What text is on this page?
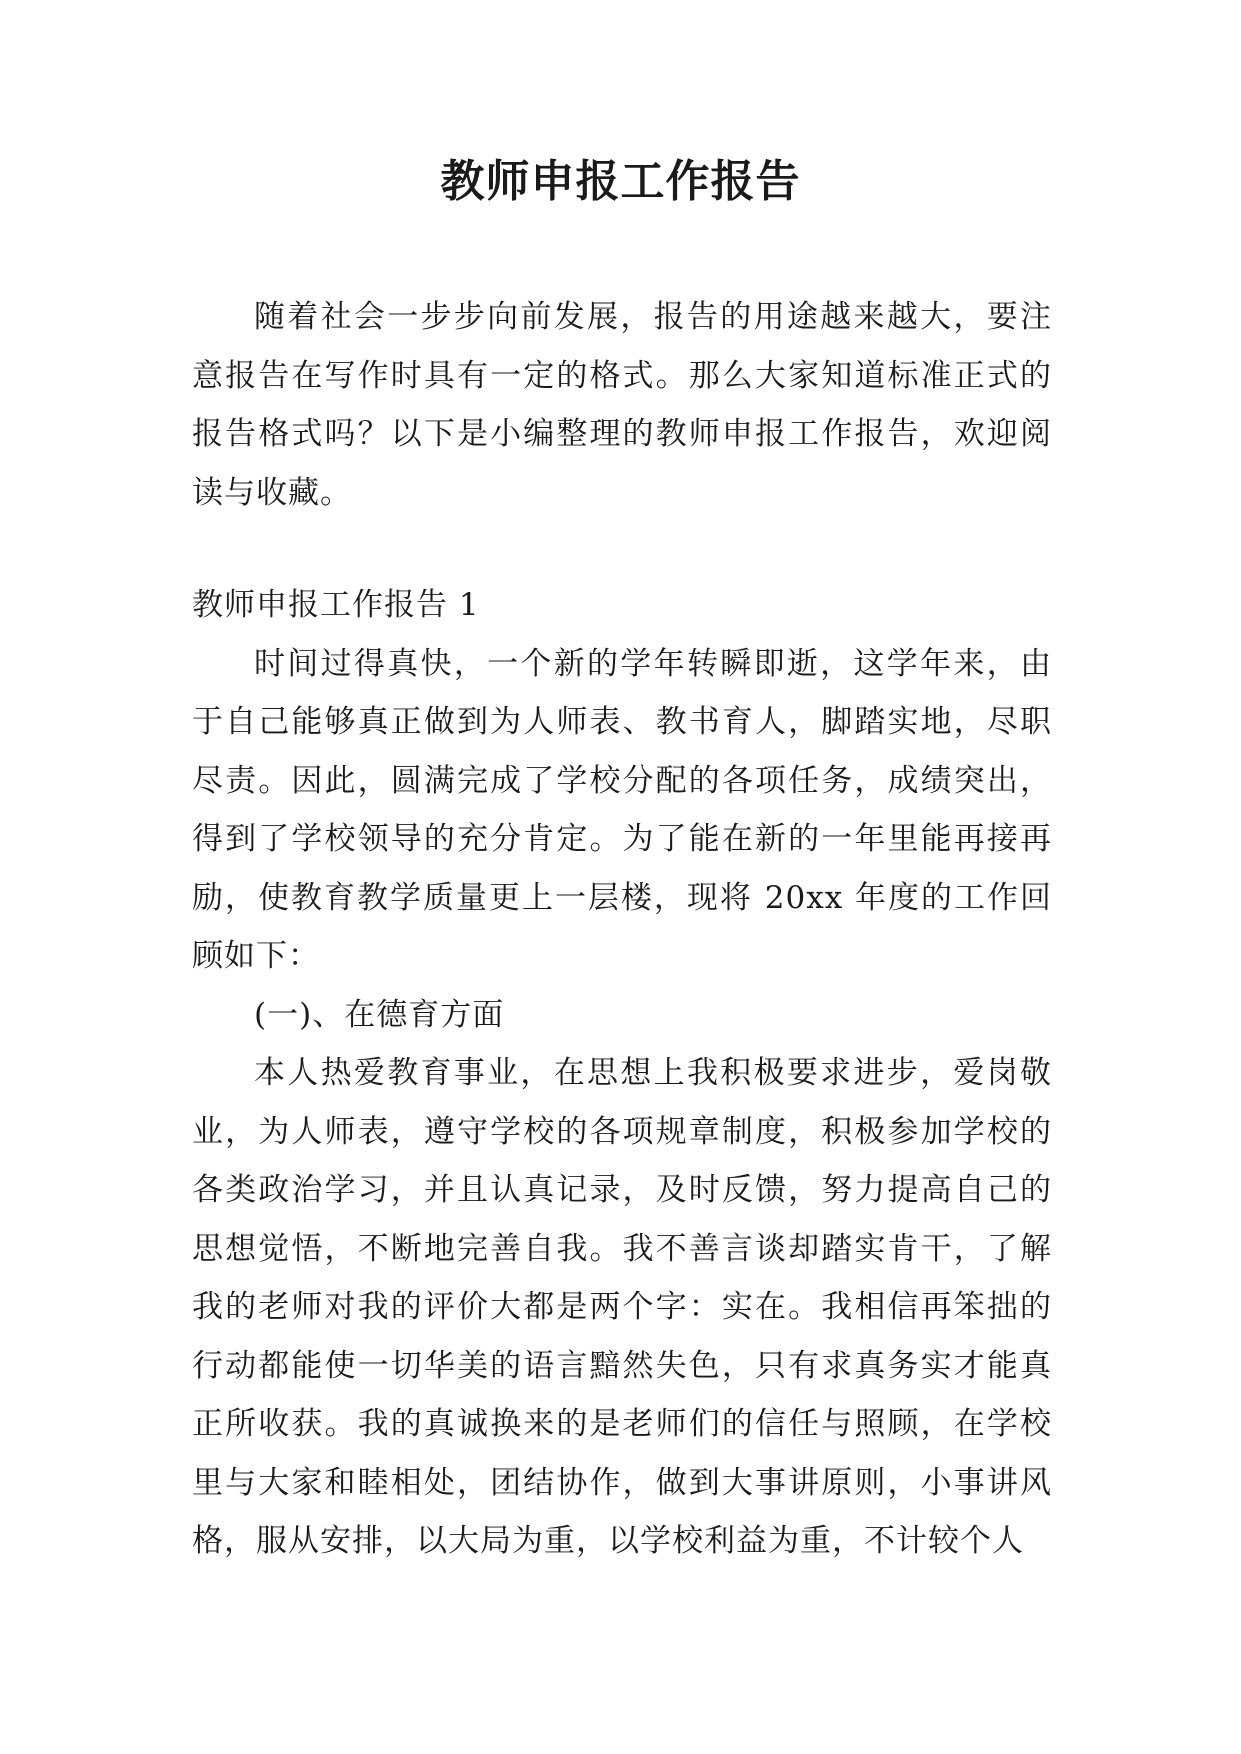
教师申报工作报告

随着社会一步步向前发展，报告的用途越来越大，要注意报告在写作时具有一定的格式。那么大家知道标准正式的报告格式吗？以下是小编整理的教师申报工作报告，欢迎阅读与收藏。

教师申报工作报告 1

时间过得真快，一个新的学年转瞬即逝，这学年来，由于自己能够真正做到为人师表、教书育人，脚踏实地，尽职尽责。因此，圆满完成了学校分配的各项任务，成绩突出，得到了学校领导的充分肯定。为了能在新的一年里能再接再励，使教育教学质量更上一层楼，现将 20xx 年度的工作回顾如下：

(一)、在德育方面

本人热爱教育事业，在思想上我积极要求进步，爱岗敬业，为人师表，遵守学校的各项规章制度，积极参加学校的各类政治学习，并且认真记录，及时反馈，努力提高自己的思想觉悟，不断地完善自我。我不善言谈却踏实肯干，了解我的老师对我的评价大都是两个字：实在。我相信再笨拙的行动都能使一切华美的语言黯然失色，只有求真务实才能真正所收获。我的真诚换来的是老师们的信任与照顾，在学校里与大家和睦相处，团结协作，做到大事讲原则，小事讲风格，服从安排，以大局为重，以学校利益为重，不计较个人
